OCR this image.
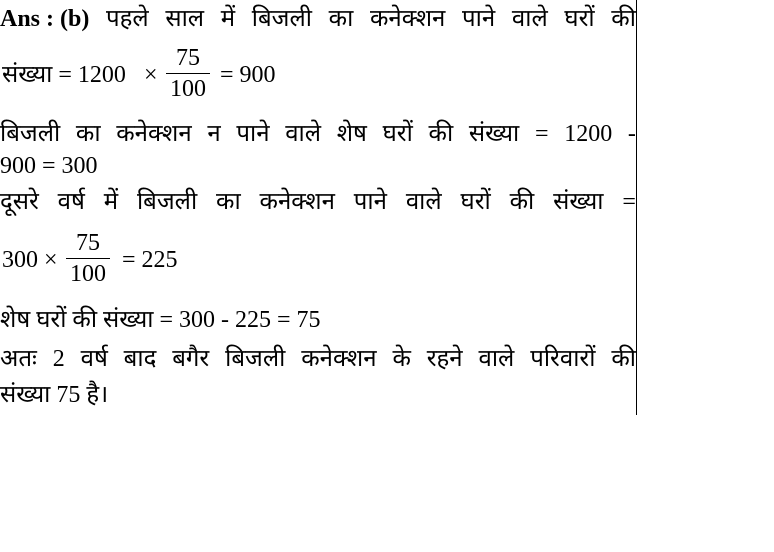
Ans : (b) पहले साल में बिजली का कनेक्शन पाने वाले घरों की
संख्या = 1200 ×
75
100
= 900
बिजली का कनेक्शन न पाने वाले शेष घरों की संख्या = 1200 -
900 = 300
दूसरे वर्ष में बिजली का कनेक्शन पाने वाले घरों की संख्या =
300 ×
75
100
= 225
शेष घरों की संख्या = 300 - 225 = 75
अतः 2 वर्ष बाद बगैर बिजली कनेक्शन के रहने वाले परिवारों की
संख्या 75 है।
